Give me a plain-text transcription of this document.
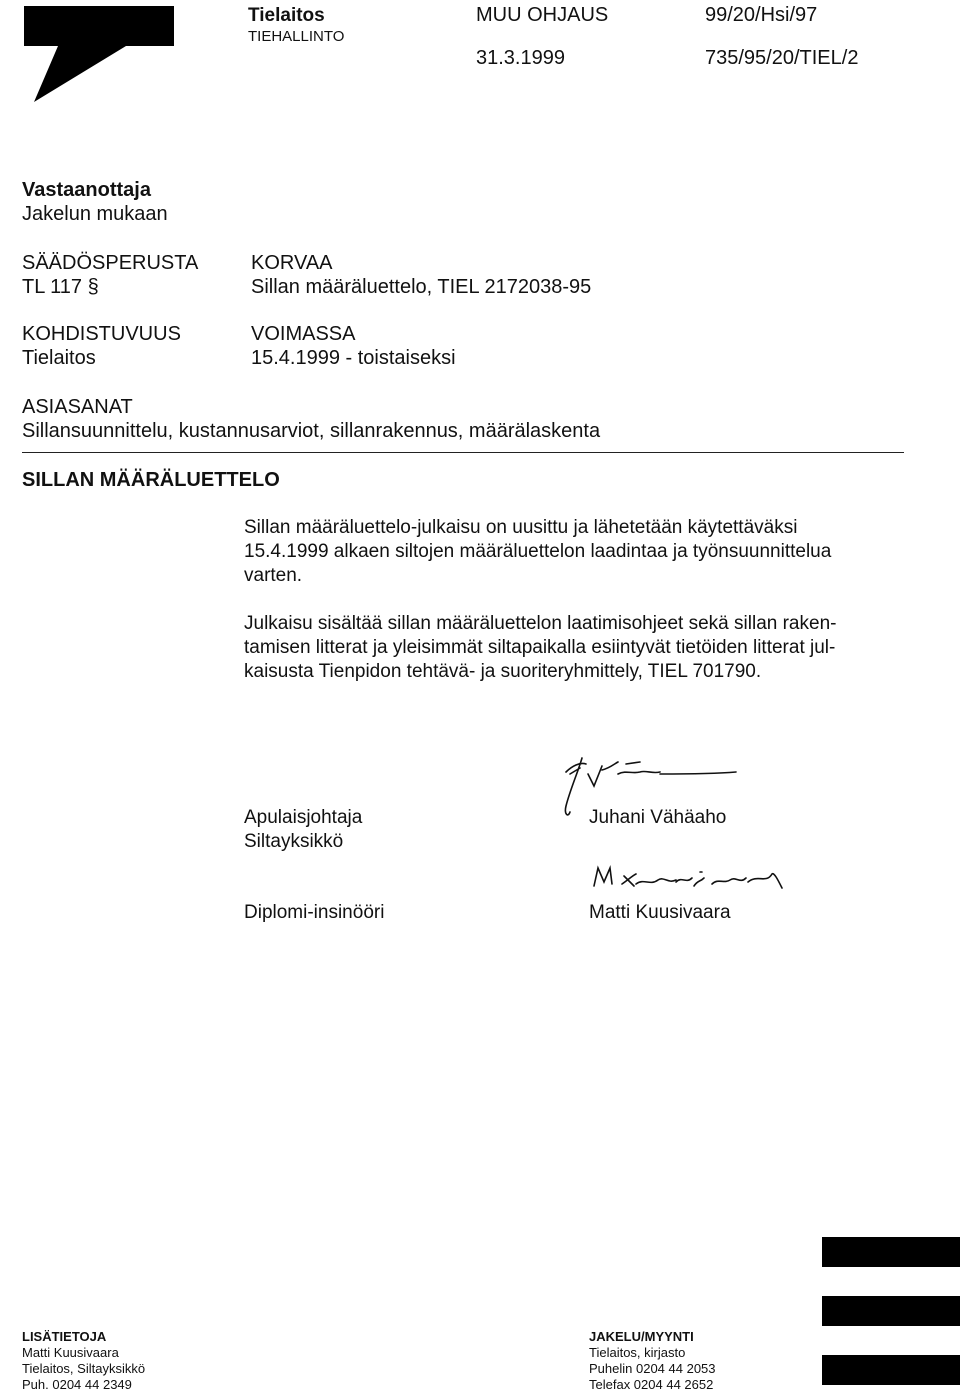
Tielaitos
TIEHALLINTO
MUU OHJAUS
31.3.1999
99/20/Hsi/97
735/95/20/TIEL/2
Vastaanottaja
Jakelun mukaan
SÄÄDÖSPERUSTA
TL 117 §
KORVAA
Sillan määräluettelo, TIEL 2172038-95
KOHDISTUVUUS
Tielaitos
VOIMASSA
15.4.1999 - toistaiseksi
ASIASANAT
Sillansuunnittelu, kustannusarviot, sillanrakennus, määrälaskenta
SILLAN MÄÄRÄLUETTELO
Sillan määräluettelo-julkaisu on uusittu ja lähetetään käytettäväksi
15.4.1999 alkaen siltojen määräluettelon laadintaa ja työnsuunnittelua
varten.
Julkaisu sisältää sillan määräluettelon laatimisohjeet sekä sillan raken-
tamisen litterat ja yleisimmät siltapaikalla esiintyvät tietöiden litterat jul-
kaisusta Tienpidon tehtävä- ja suoriteryhmittely, TIEL 701790.
Apulaisjohtaja
Siltayksikkö
Juhani Vähäaho
Diplomi-insinööri	Matti Kuusivaara
LISÄTIETOJA
Matti Kuusivaara
Tielaitos, Siltayksikkö
Puh. 0204 44 2349
JAKELU/MYYNTI
Tielaitos, kirjasto
Puhelin 0204 44 2053
Telefax 0204 44 2652
